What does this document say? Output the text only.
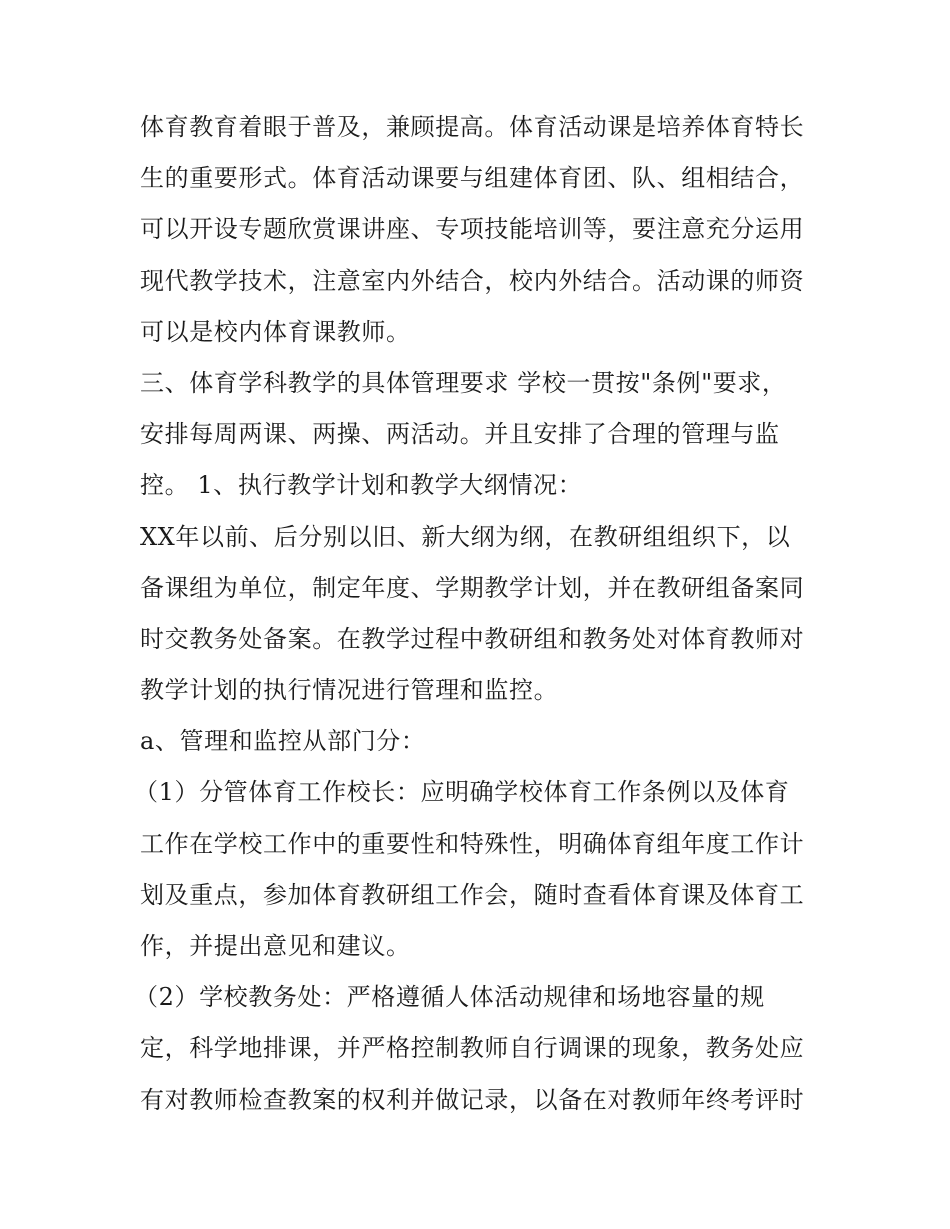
体育教育着眼于普及，兼顾提高。体育活动课是培养体育特长
生的重要形式。体育活动课要与组建体育团、队、组相结合，
可以开设专题欣赏课讲座、专项技能培训等，要注意充分运用
现代教学技术，注意室内外结合，校内外结合。活动课的师资
可以是校内体育课教师。
三、体育学科教学的具体管理要求 学校一贯按"条例"要求，
安排每周两课、两操、两活动。并且安排了合理的管理与监
控。 1、执行教学计划和教学大纲情况：
XX年以前、后分别以旧、新大纲为纲，在教研组组织下，以
备课组为单位，制定年度、学期教学计划，并在教研组备案同
时交教务处备案。在教学过程中教研组和教务处对体育教师对
教学计划的执行情况进行管理和监控。
a、管理和监控从部门分：
（1）分管体育工作校长：应明确学校体育工作条例以及体育
工作在学校工作中的重要性和特殊性，明确体育组年度工作计
划及重点，参加体育教研组工作会，随时查看体育课及体育工
作，并提出意见和建议。
（2）学校教务处：严格遵循人体活动规律和场地容量的规
定，科学地排课，并严格控制教师自行调课的现象，教务处应
有对教师检查教案的权利并做记录，以备在对教师年终考评时
